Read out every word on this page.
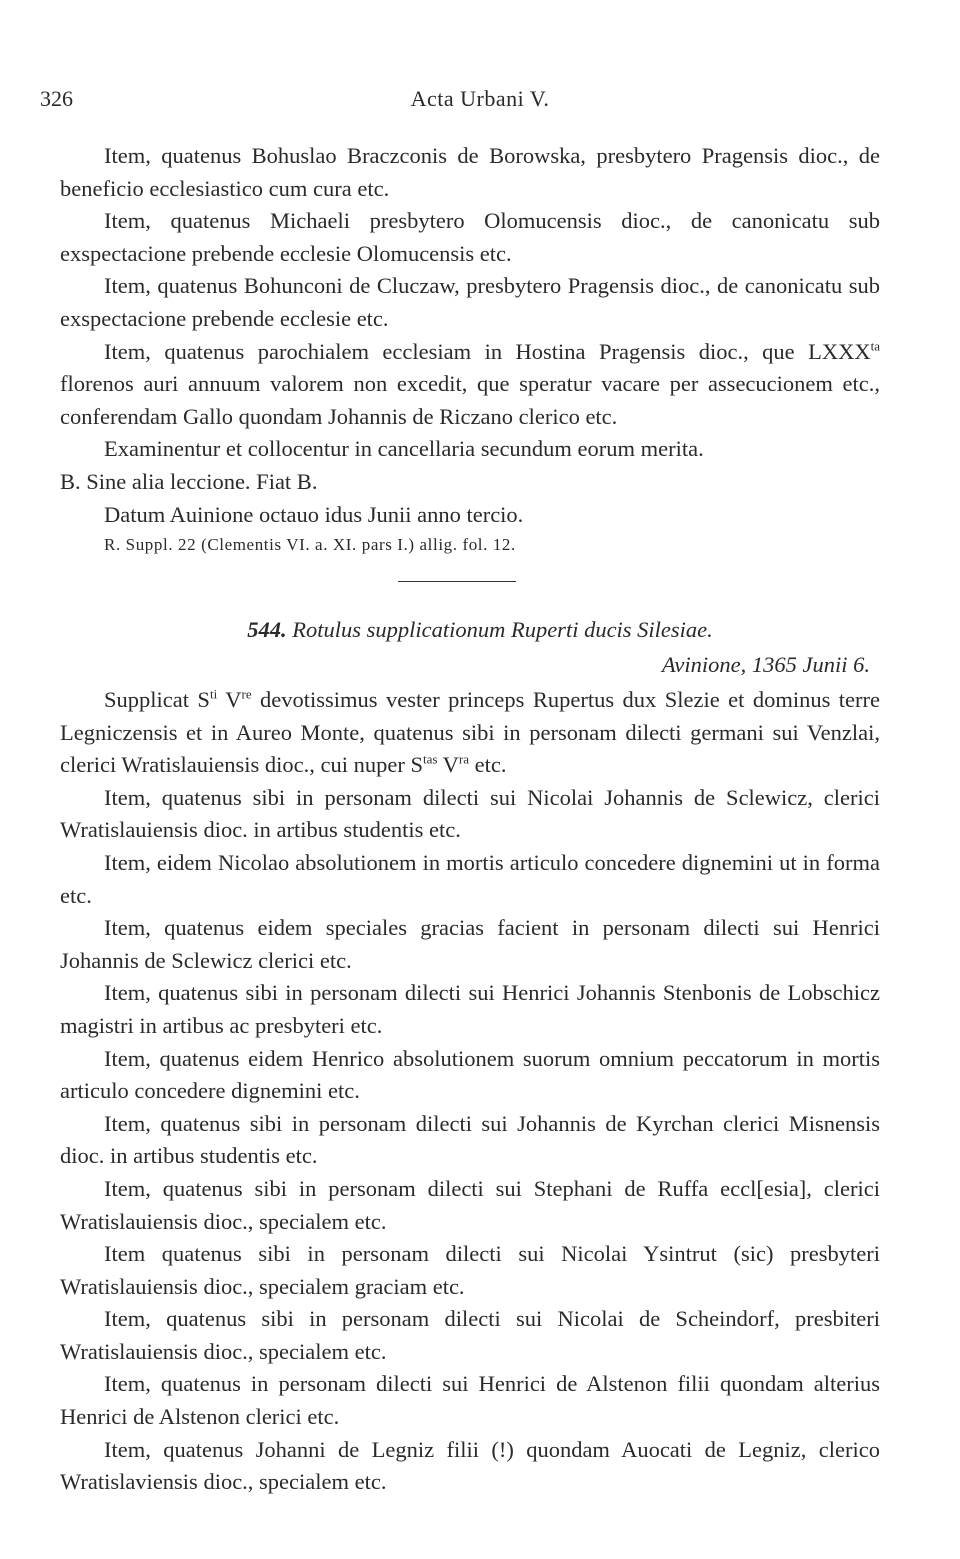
326	Acta Urbani V.

Item, quatenus Bohuslao Braczconis de Borowska, presbytero Pragensis dioc., de beneficio ecclesiastico cum cura etc.

Item, quatenus Michaeli presbytero Olomucensis dioc., de canonicatu sub exspectacione prebende ecclesie Olomucensis etc.

Item, quatenus Bohunconi de Cluczaw, presbytero Pragensis dioc., de canonicatu sub exspectacione prebende ecclesie etc.

Item, quatenus parochialem ecclesiam in Hostina Pragensis dioc., que $LXXX^{ta}$ florenos auri annuum valorem non excedit, que speratur vacare per assecucionem etc., conferendam Gallo quondam Johannis de Riczano clerico etc.

Examinentur et collocentur in cancellaria secundum eorum merita.

B. Sine alia leccione. Fiat B.

Datum Auinione octauo idus Junii anno tercio.

R. Suppl. 22 (Clementis VI. a. XI. pars I.) allig. fol. 12.

544. Rotulus supplicationum Ruperti ducis Silesiae.
Avinione, 1365 Junii 6.

Supplicat $S^{ti}$ Vre devotissimus vester princeps Rupertus dux Slezie et dominus terre Legniczensis et in Aureo Monte, quatenus sibi in personam dilecti germani sui Venzlai, clerici Wratislauiensis dioc., cui nuper $S^{tas}$ $V^{ra}$ etc.

Item, quatenus sibi in personam dilecti sui Nicolai Johannis de Sclewicz, clerici Wratislauiensis dioc. in artibus studentis etc.

Item, eidem Nicolao absolutionem in mortis articulo concedere dignemini ut in forma etc.

Item, quatenus eidem speciales gracias facient in personam dilecti sui Henrici Johannis de Sclewicz clerici etc.

Item, quatenus sibi in personam dilecti sui Henrici Johannis Stenbonis de Lobschicz magistri in artibus ac presbyteri etc.

Item, quatenus eidem Henrico absolutionem suorum omnium peccatorum in mortis articulo concedere dignemini etc.

Item, quatenus sibi in personam dilecti sui Johannis de Kyrchan clerici Misnensis dioc. in artibus studentis etc.

Item, quatenus sibi in personam dilecti sui Stephani de Ruffa eccl[esia], clerici Wratislauiensis dioc., specialem etc.

Item quatenus sibi in personam dilecti sui Nicolai Ysintrut (sic) presbyteri Wratislauiensis dioc., specialem graciam etc.

Item, quatenus sibi in personam dilecti sui Nicolai de Scheindorf, presbiteri Wratislauiensis dioc., specialem etc.

Item, quatenus in personam dilecti sui Henrici de Alstenon filii quondam alterius Henrici de Alstenon clerici etc.

Item, quatenus Johanni de Legniz filii (!) quondam Auocati de Legniz, clerico Wratislaviensis dioc., specialem etc.
